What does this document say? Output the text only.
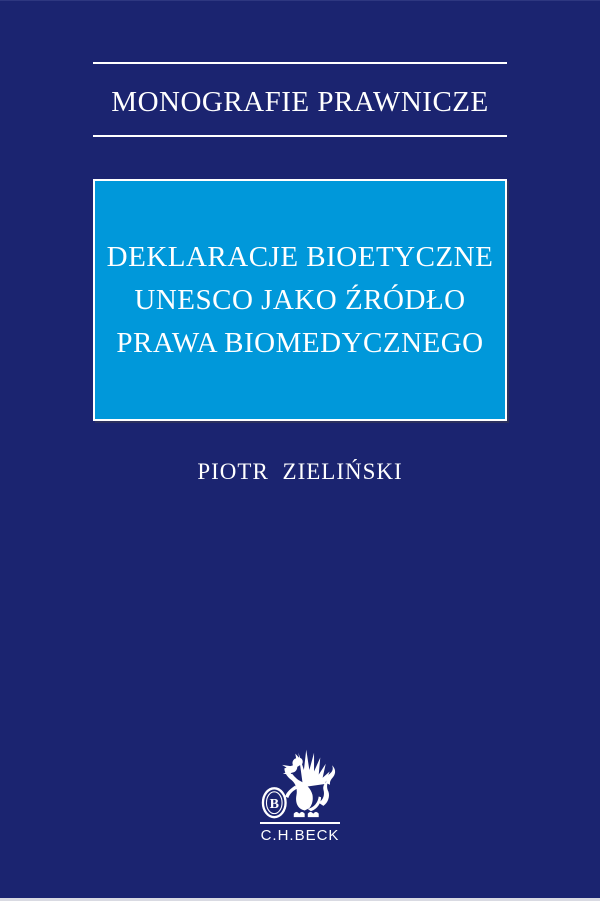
MONOGRAFIE PRAWNICZE
DEKLARACJE BIOETYCZNE
UNESCO JAKO ŹRÓDŁO
PRAWA BIOMEDYCZNEGO
PIOTR ZIELIŃSKI
B
C.H.BECK
